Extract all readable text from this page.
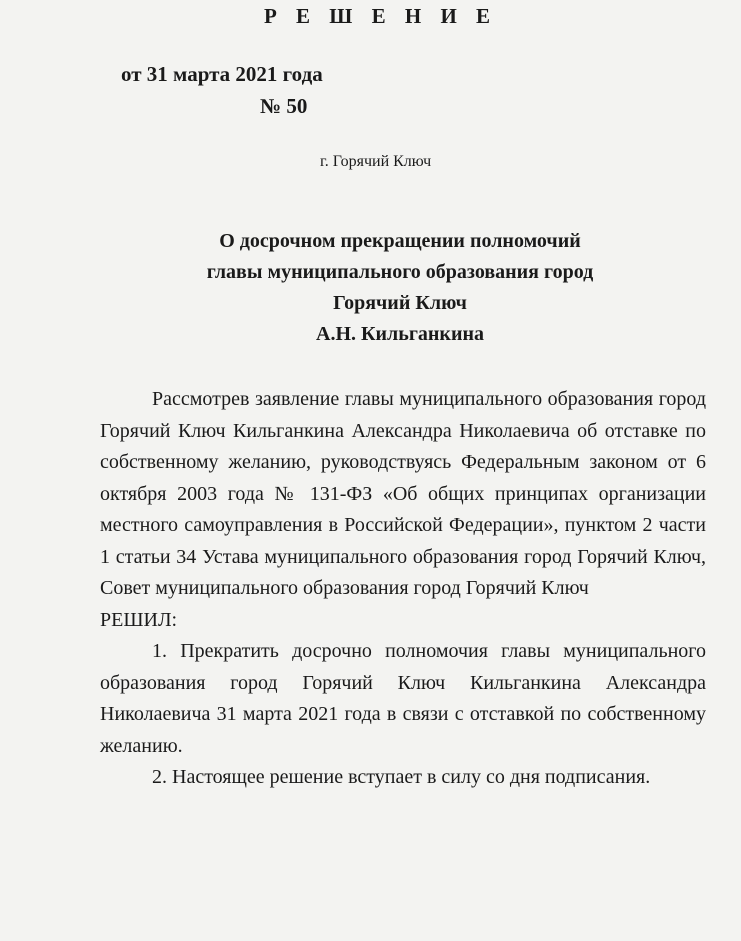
Р Е Ш Е Н И Е
от 31 марта 2021 года
№ 50
г. Горячий Ключ
О досрочном прекращении полномочий
главы муниципального образования город
Горячий Ключ
А.Н. Кильганкина

Рассмотрев заявление главы муниципального образования город Горячий Ключ Кильганкина Александра Николаевича об отставке по собственному желанию, руководствуясь Федеральным законом от 6 октября 2003 года № 131-ФЗ «Об общих принципах организации местного самоуправления в Российской Федерации», пунктом 2 части 1 статьи 34 Устава муниципального образования город Горячий Ключ, Совет муниципального образования город Горячий Ключ

РЕШИЛ:

1. Прекратить досрочно полномочия главы муниципального образования город Горячий Ключ Кильганкина Александра Николаевича 31 марта 2021 года в связи с отставкой по собственному желанию.

2. Настоящее решение вступает в силу со дня подписания.
